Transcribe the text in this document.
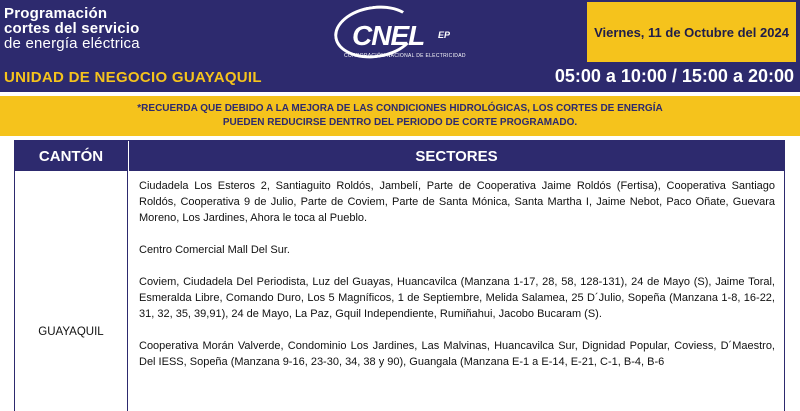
Programación
cortes del servicio
de energía eléctrica
UNIDAD DE NEGOCIO GUAYAQUIL
CNEL EP
CORPORACIÓN NACIONAL DE ELECTRICIDAD
Viernes, 11 de Octubre del 2024
05:00 a 10:00 / 15:00 a 20:00
*RECUERDA QUE DEBIDO A LA MEJORA DE LAS CONDICIONES HIDROLÓGICAS, LOS CORTES DE ENERGÍA
PUEDEN REDUCIRSE DENTRO DEL PERIODO DE CORTE PROGRAMADO.
CANTÓN	SECTORES
GUAYAQUIL

Ciudadela Los Esteros 2, Santiaguito Roldós, Jambelí, Parte de Cooperativa Jaime Roldós (Fertisa), Cooperativa Santiago Roldós, Cooperativa 9 de Julio, Parte de Coviem, Parte de Santa Mónica, Santa Martha I, Jaime Nebot, Paco Oñate, Guevara Moreno, Los Jardines, Ahora le toca al Pueblo.

Centro Comercial Mall Del Sur.

Coviem, Ciudadela Del Periodista, Luz del Guayas, Huancavilca (Manzana 1-17, 28, 58, 128-131), 24 de Mayo (S), Jaime Toral, Esmeralda Libre, Comando Duro, Los 5 Magníficos, 1 de Septiembre, Melida Salamea, 25 D´Julio, Sopeña (Manzana 1-8, 16-22, 31, 32, 35, 39,91), 24 de Mayo, La Paz, Gquil Independiente, Rumiñahui, Jacobo Bucaram (S).

Cooperativa Morán Valverde, Condominio Los Jardines, Las Malvinas, Huancavilca Sur, Dignidad Popular, Coviess, D´Maestro, Del IESS, Sopeña (Manzana 9-16, 23-30, 34, 38 y 90), Guangala (Manzana E-1 a E-14, E-21, C-1, B-4, B-6
